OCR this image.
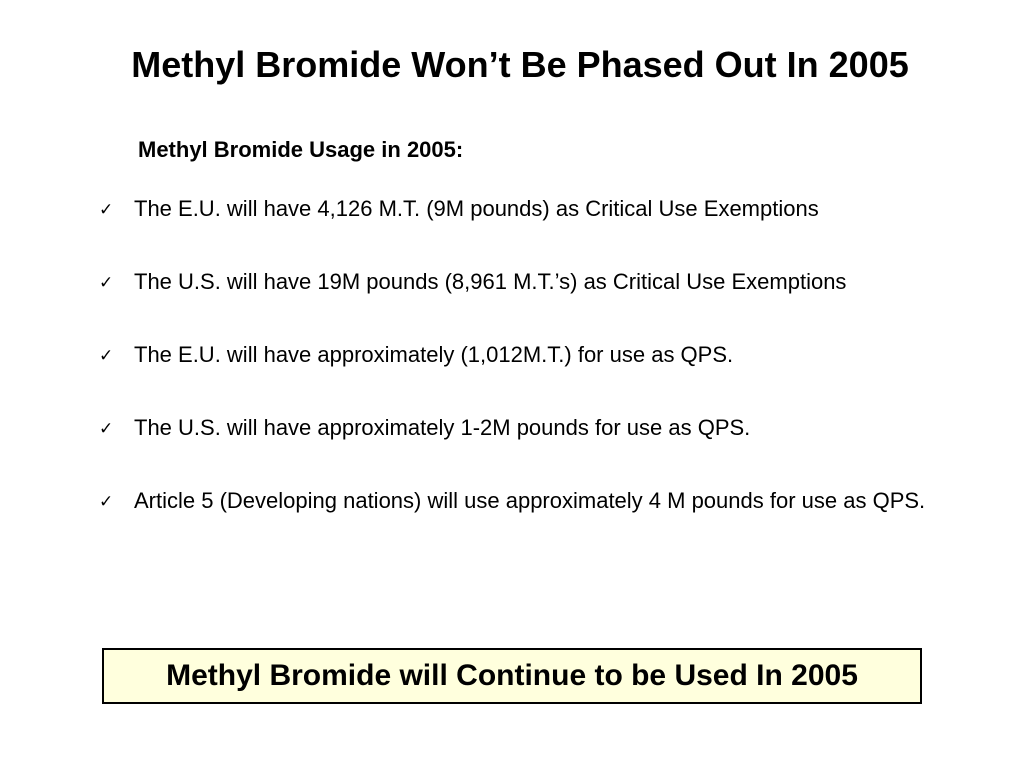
Methyl Bromide Won’t Be Phased Out In 2005
Methyl Bromide Usage in 2005:
✓ The E.U. will have 4,126 M.T. (9M pounds) as Critical Use Exemptions
✓ The U.S. will have 19M pounds (8,961 M.T.’s) as Critical Use Exemptions
✓ The E.U. will have approximately (1,012M.T.) for use as QPS.
✓ The U.S. will have approximately 1-2M pounds for use as QPS.
✓ Article 5 (Developing nations) will use approximately 4 M pounds for use as QPS.
Methyl Bromide will Continue to be Used In 2005
